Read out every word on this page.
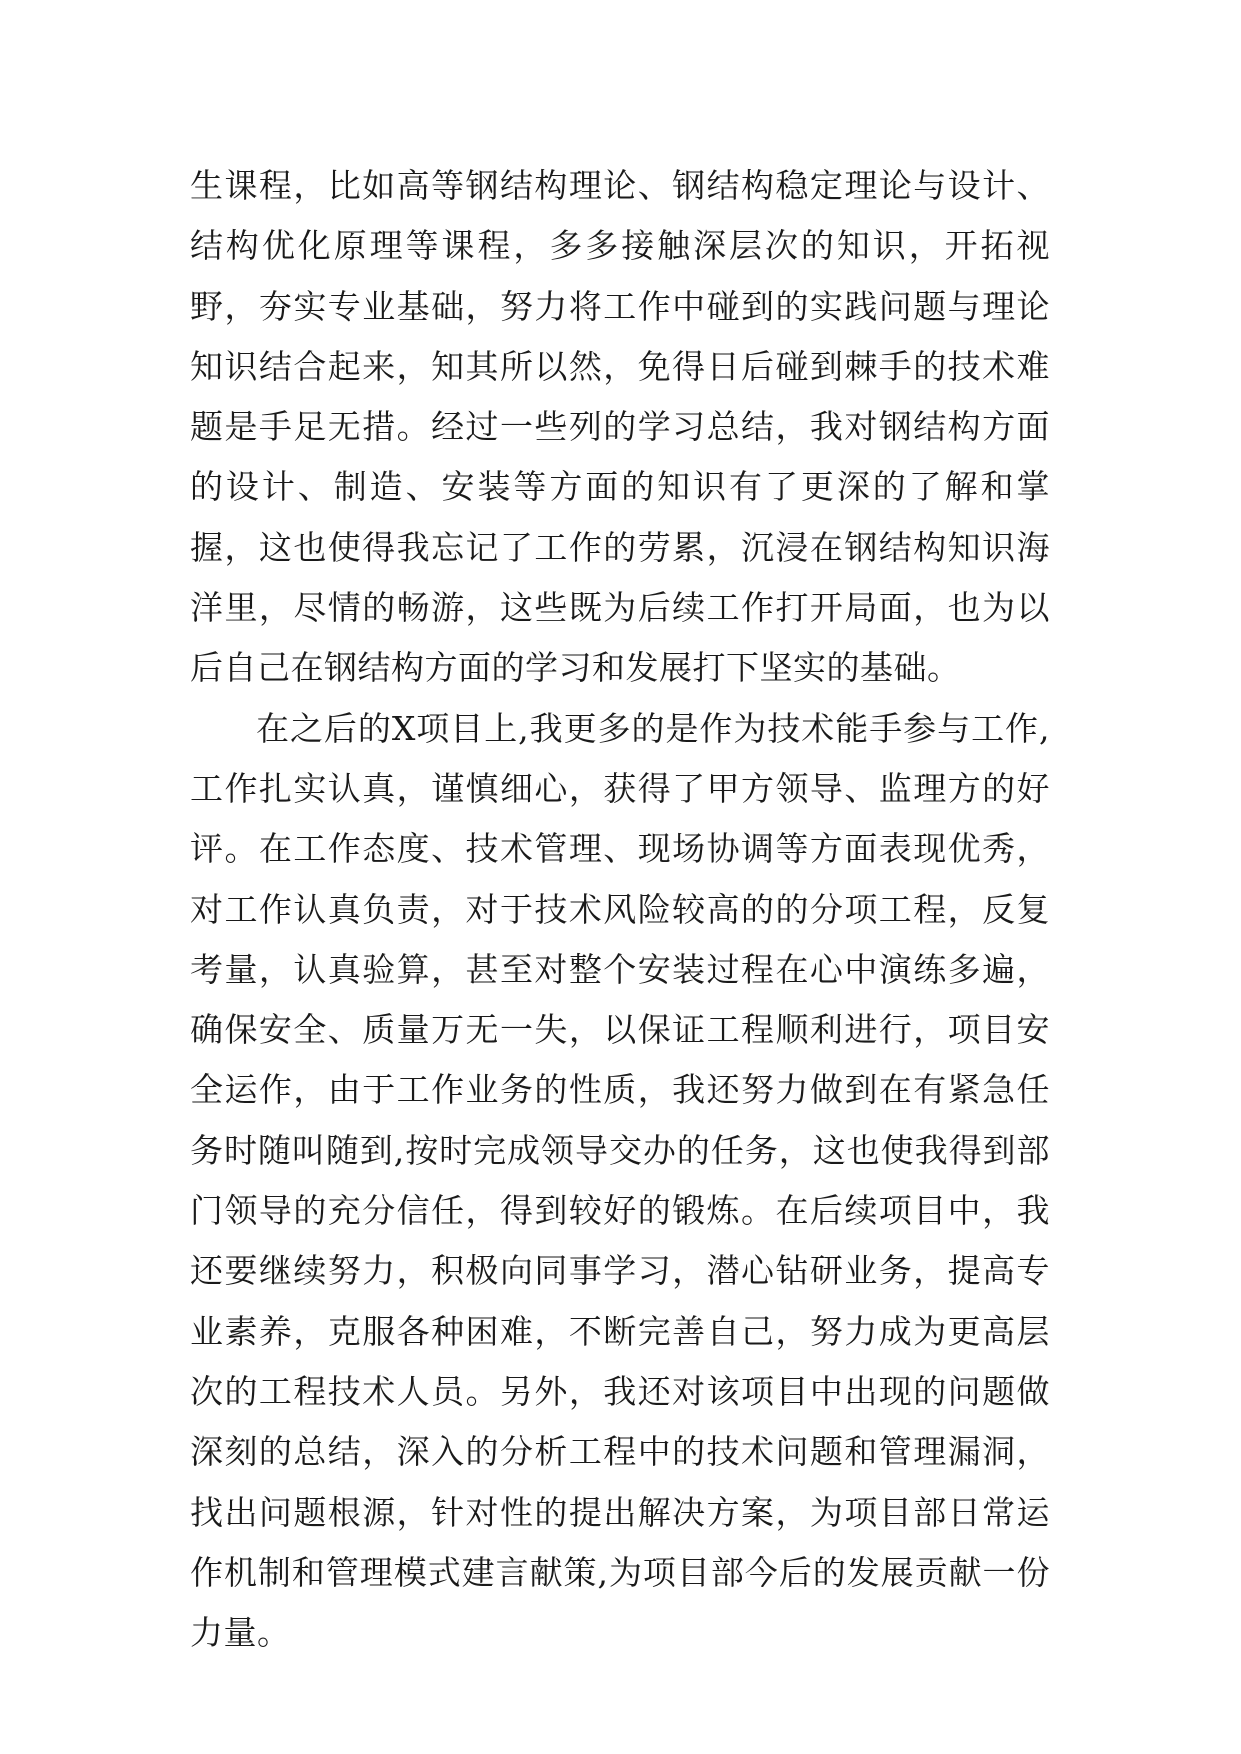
生课程，比如高等钢结构理论、钢结构稳定理论与设计、结构优化原理等课程，多多接触深层次的知识，开拓视野，夯实专业基础，努力将工作中碰到的实践问题与理论知识结合起来，知其所以然，免得日后碰到棘手的技术难题是手足无措。经过一些列的学习总结，我对钢结构方面的设计、制造、安装等方面的知识有了更深的了解和掌握，这也使得我忘记了工作的劳累，沉浸在钢结构知识海洋里，尽情的畅游，这些既为后续工作打开局面，也为以后自己在钢结构方面的学习和发展打下坚实的基础。

在之后的X项目上,我更多的是作为技术能手参与工作,工作扎实认真，谨慎细心，获得了甲方领导、监理方的好评。在工作态度、技术管理、现场协调等方面表现优秀，对工作认真负责，对于技术风险较高的的分项工程，反复考量，认真验算，甚至对整个安装过程在心中演练多遍，确保安全、质量万无一失，以保证工程顺利进行，项目安全运作，由于工作业务的性质，我还努力做到在有紧急任务时随叫随到,按时完成领导交办的任务，这也使我得到部门领导的充分信任，得到较好的锻炼。在后续项目中，我还要继续努力，积极向同事学习，潜心钻研业务，提高专业素养，克服各种困难，不断完善自己，努力成为更高层次的工程技术人员。另外，我还对该项目中出现的问题做深刻的总结，深入的分析工程中的技术问题和管理漏洞，找出问题根源，针对性的提出解决方案，为项目部日常运作机制和管理模式建言献策,为项目部今后的发展贡献一份力量。
